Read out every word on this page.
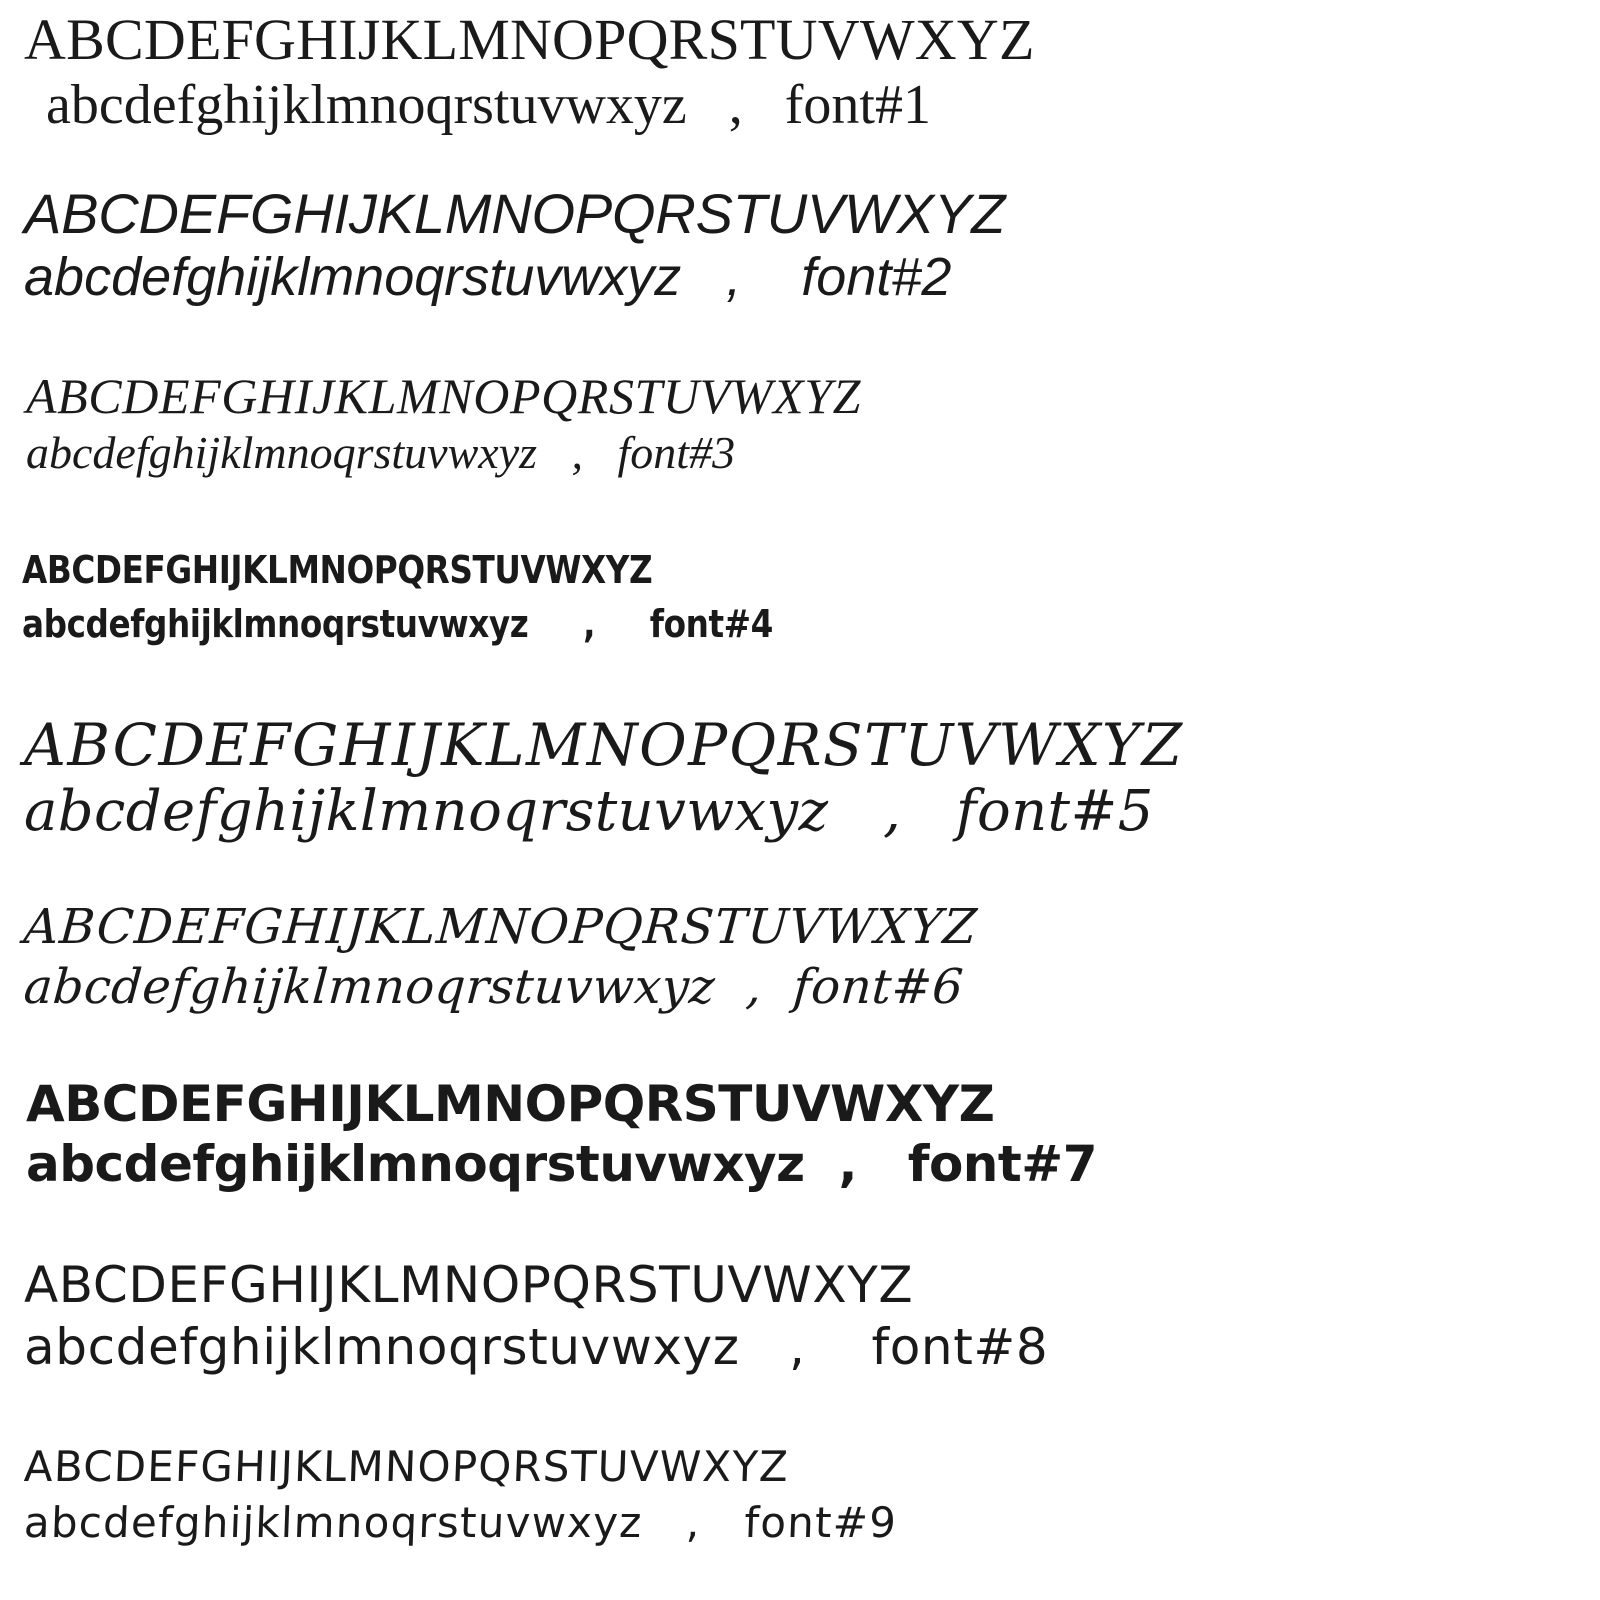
ABCDEFGHIJKLMNOPQRSTUVWXYZ
abcdefghijklmnoqrstuvwxyz   ,   font#1
ABCDEFGHIJKLMNOPQRSTUVWXYZ
abcdefghijklmnoqrstuvwxyz   ,    font#2
ABCDEFGHIJKLMNOPQRSTUVWXYZ
abcdefghijklmnoqrstuvwxyz   ,   font#3
ABCDEFGHIJKLMNOPQRSTUVWXYZ
abcdefghijklmnoqrstuvwxyz     ,     font#4
ABCDEFGHIJKLMNOPQRSTUVWXYZ
abcdefghijklmnoqrstuvwxyz   ,   font#5
ABCDEFGHIJKLMNOPQRSTUVWXYZ
abcdefghijklmnoqrstuvwxyz  ,  font#6
ABCDEFGHIJKLMNOPQRSTUVWXYZ
abcdefghijklmnoqrstuvwxyz  ,   font#7
ABCDEFGHIJKLMNOPQRSTUVWXYZ
abcdefghijklmnoqrstuvwxyz   ,    font#8
ABCDEFGHIJKLMNOPQRSTUVWXYZ
abcdefghijklmnoqrstuvwxyz   ,   font#9
